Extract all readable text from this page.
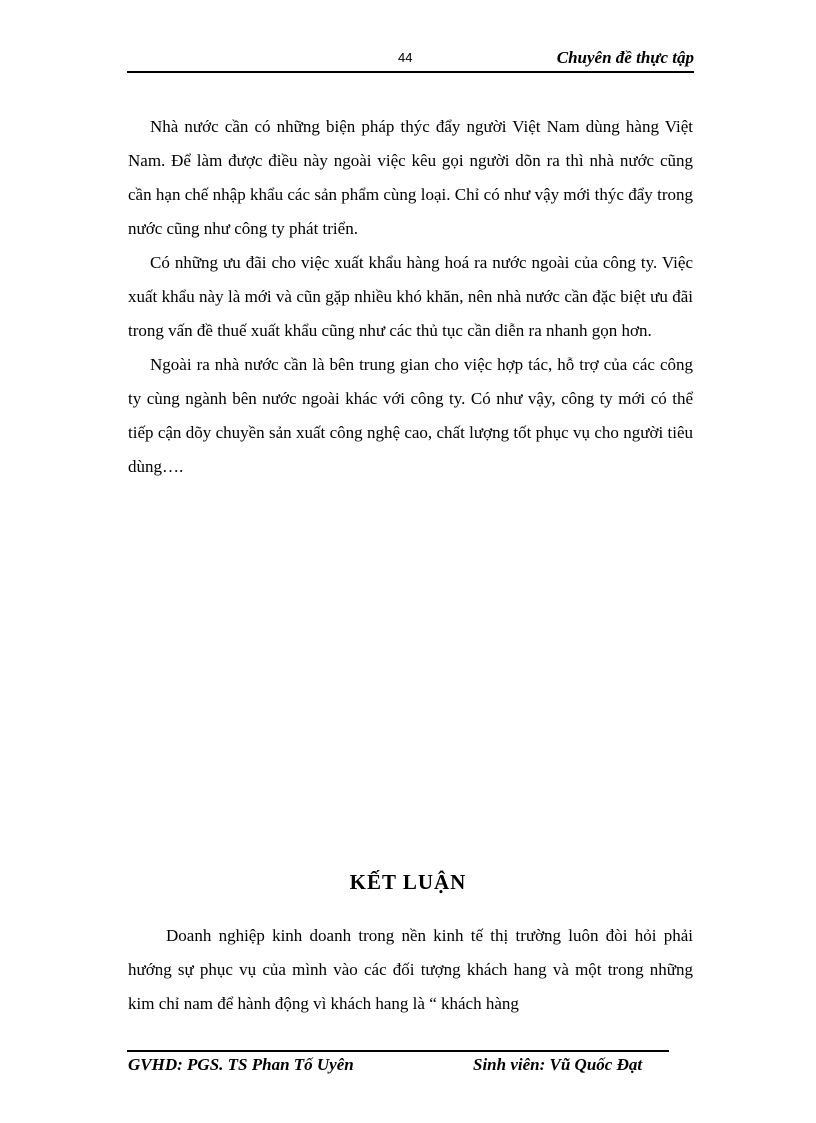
44	Chuyên đề thực tập

Nhà nước cần có những biện pháp thýc đẩy người Việt Nam dùng hàng Việt Nam. Để làm được điều này ngoài việc kêu gọi người dõn ra thì nhà nước cũng cần hạn chế nhập khẩu các sản phẩm cùng loại. Chỉ có như vậy mới thýc đẩy trong nước cũng như công ty phát triển.

Có những ưu đãi cho việc xuất khẩu hàng hoá ra nước ngoài của công ty. Việc xuất khẩu này là mới và cũn gặp nhiều khó khăn, nên nhà nước cần đặc biệt ưu đãi trong vấn đề thuế xuất khẩu cũng như các thủ tục cần diễn ra nhanh gọn hơn.

Ngoài ra nhà nước cần là bên trung gian cho việc hợp tác, hỗ trợ của các công ty cùng ngành bên nước ngoài khác với công ty. Có như vậy, công ty mới có thể tiếp cận dõy chuyền sản xuất công nghệ cao, chất lượng tốt phục vụ cho người tiêu dùng….

KẾT LUẬN

Doanh nghiệp kinh doanh trong nền kinh tế thị trường luôn đòi hỏi phải hướng sự phục vụ của mình vào các đối tượng khách hang và một trong những kim chỉ nam để hành động vì khách hang là “ khách hàng

GVHD: PGS. TS Phan Tố Uyên	Sinh viên: Vũ Quốc Đạt
